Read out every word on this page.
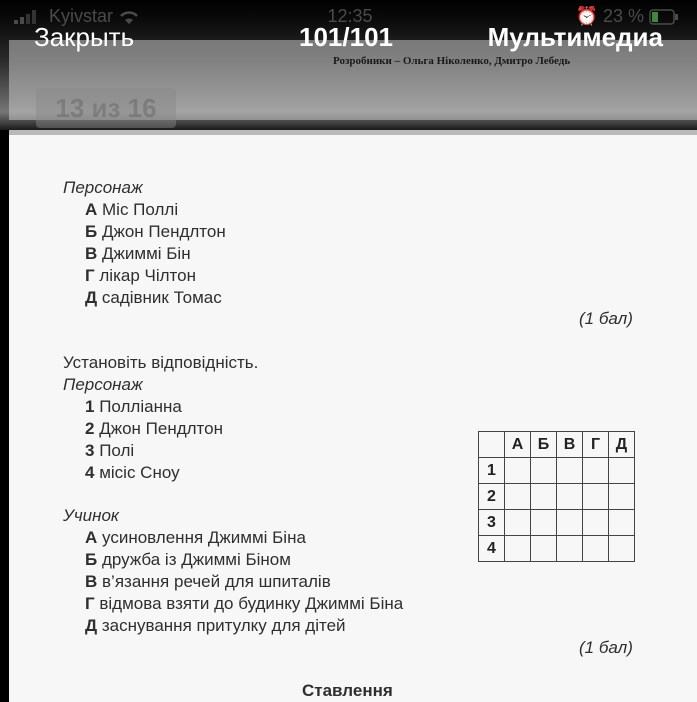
Kyivstar	12:35	⏰ 23 %
Розробники – Ольга Ніколенко, Дмитро Лебедь
13 из 16
Закрыть	101/101	Мультимедиа
Персонаж
А Міс Поллі
Б Джон Пендлтон
В Джиммі Бін
Г лікар Чілтон
Д садівник Томас
(1 бал)
Установіть відповідність.
Персонаж
1 Поллiанна
2 Джон Пендлтон
3 Полі
4 місіс Сноу
Учинок
А усиновлення Джиммі Біна
Б дружба із Джиммі Біном
В в’язання речей для шпиталів
Г відмова взяти до будинку Джиммі Біна
Д заснування притулку для дітей
(1 бал)
Ставлення
	А	Б	В	Г	Д
1					
2					
3					
4					
